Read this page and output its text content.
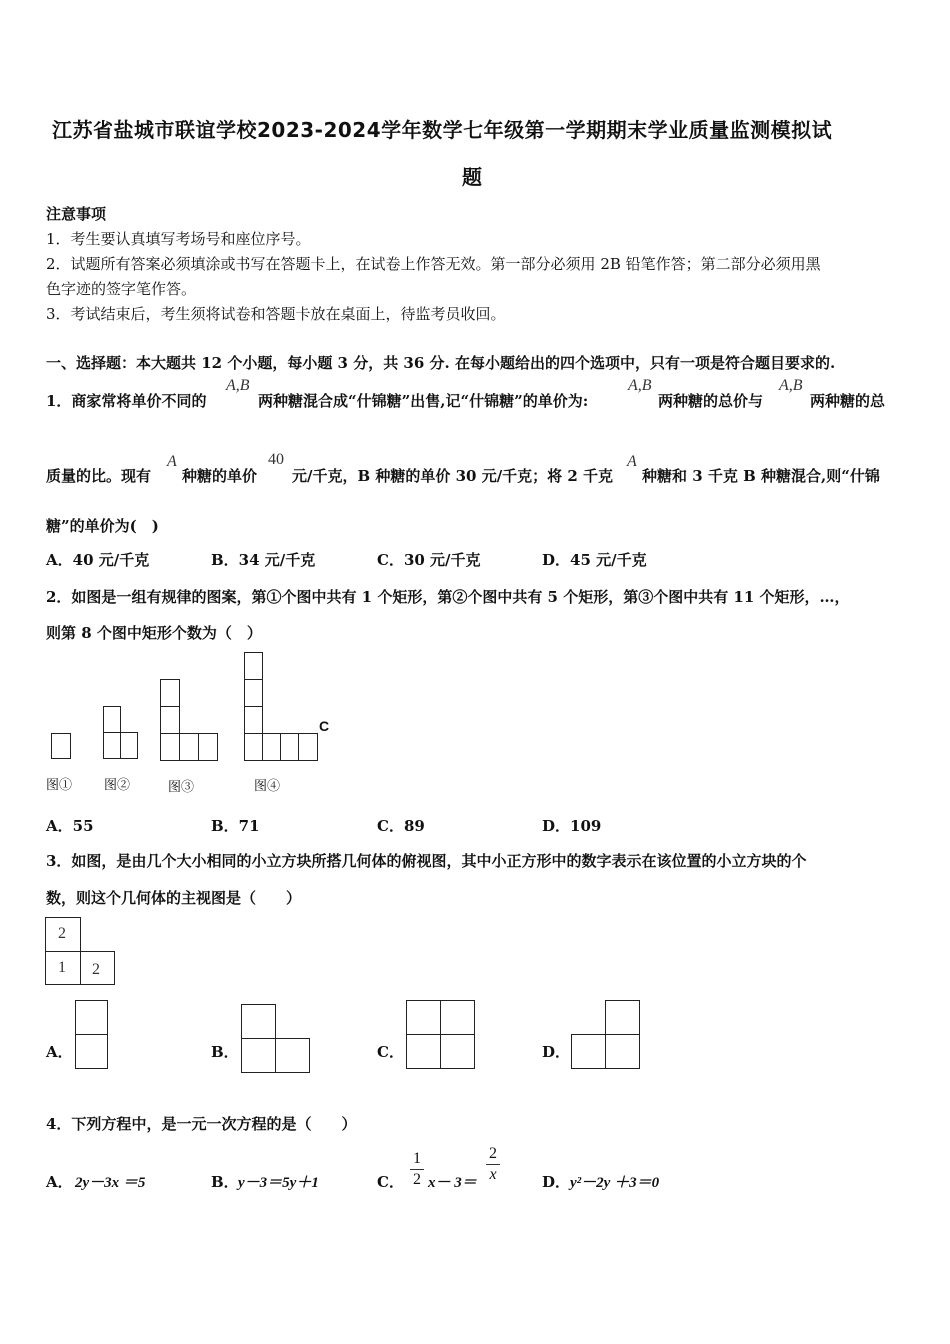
江苏省盐城市联谊学校2023-2024学年数学七年级第一学期期末学业质量监测模拟试
题
注意事项
1．考生要认真填写考场号和座位序号。
2．试题所有答案必须填涂或书写在答题卡上，在试卷上作答无效。第一部分必须用 2B 铅笔作答；第二部分必须用黑
色字迹的签字笔作答。
3．考试结束后，考生须将试卷和答题卡放在桌面上，待监考员收回。
一、选择题：本大题共 12 个小题，每小题 3 分，共 36 分. 在每小题给出的四个选项中，只有一项是符合题目要求的.
1．商家常将单价不同的
A,B
两种糖混合成“什锦糖”出售,记“什锦糖”的单价为:
A,B
两种糖的总价与
A,B
两种糖的总
质量的比。现有
A
种糖的单价
40
元/千克，B 种糖的单价 30 元/千克；将 2 千克
A
种糖和 3 千克 B 种糖混合,则“什锦
糖”的单价为(　)
A．40 元/千克	B．34 元/千克	C．30 元/千克	D．45 元/千克
2．如图是一组有规律的图案，第①个图中共有 1 个矩形，第②个图中共有 5 个矩形，第③个图中共有 11 个矩形，…，
则第 8 个图中矩形个数为（　）
C
图① 图②	图③	图④
A．55	B．71	C．89	D．109
3．如图，是由几个大小相同的小立方块所搭几何体的俯视图，其中小正方形中的数字表示在该位置的小立方块的个
数，则这个几何体的主视图是（　　）
2
1 2
A．	B．	C．	D．
4．下列方程中，是一元一次方程的是（　　）
A． 2y－3x ＝5	B． y－3＝5y＋1	C．
1
2 x－ 3＝
2
x	D． y²－2y ＋3＝0
